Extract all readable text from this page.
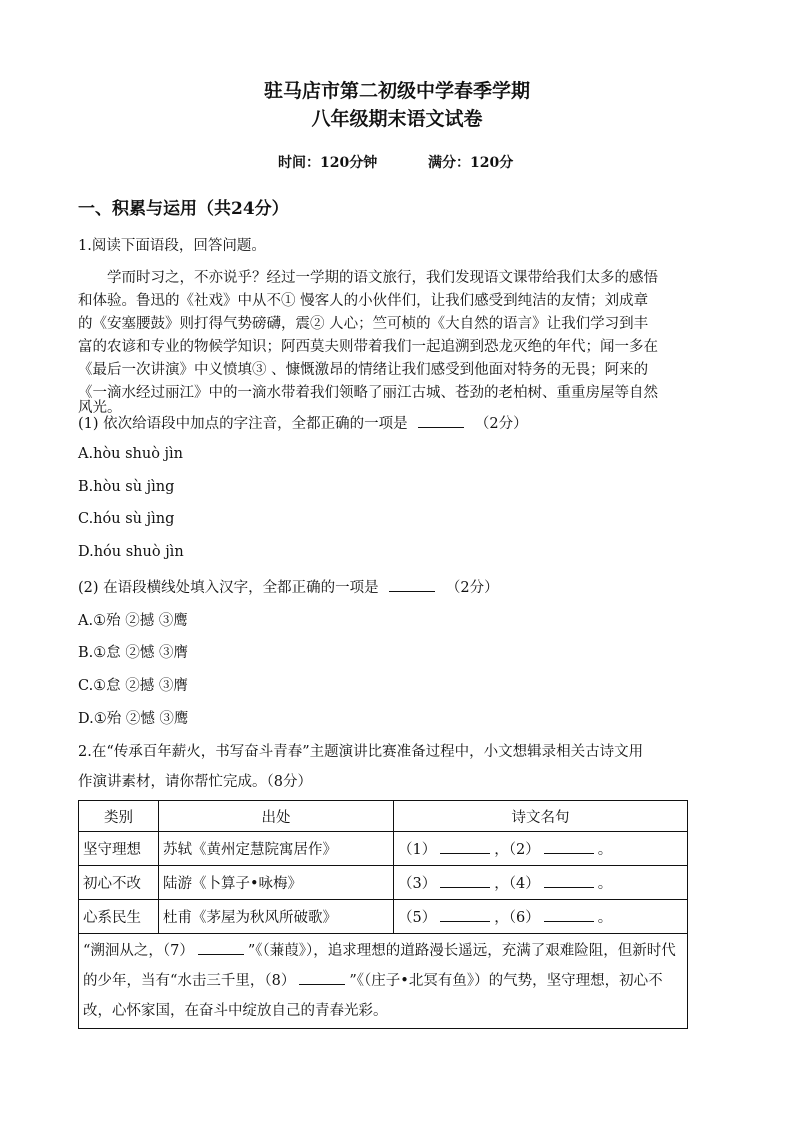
驻马店市第二初级中学春季学期
八年级期末语文试卷
时间：120分钟	满分：120分
一、积累与运用（共24分）
1.阅读下面语段，回答问题。
学而时习之，不亦说乎？经过一学期的语文旅行，我们发现语文课带给我们太多的感悟
和体验。鲁迅的《社戏》中从不① 慢客人的小伙伴们，让我们感受到纯洁的友情；刘成章
的《安塞腰鼓》则打得气势磅礴，震② 人心；竺可桢的《大自然的语言》让我们学习到丰
富的农谚和专业的物候学知识；阿西莫夫则带着我们一起追溯到恐龙灭绝的年代；闻一多在
《最后一次讲演》中义愤填③ 、慷慨激昂的情绪让我们感受到他面对特务的无畏；阿来的
《一滴水经过丽江》中的一滴水带着我们领略了丽江古城、苍劲的老柏树、重重房屋等自然
风光。
(1) 依次给语段中加点的字注音，全都正确的一项是	（2分）
A.hòu shuò jìn
B.hòu sù jìng
C.hóu sù jìng
D.hóu shuò jìn
(2) 在语段横线处填入汉字，全都正确的一项是	（2分）
A.①殆 ②撼 ③鹰
B.①怠 ②憾 ③膺
C.①怠 ②撼 ③膺
D.①殆 ②憾 ③鹰
2.在“传承百年薪火，书写奋斗青春”主题演讲比赛准备过程中，小文想辑录相关古诗文用
作演讲素材，请你帮忙完成。（8分）
类别	出处	诗文名句
坚守理想	苏轼《黄州定慧院寓居作》	（1） ，（2） 。
初心不改	陆游《卜算子•咏梅》	（3） ，（4） 。
心系民生	杜甫《茅屋为秋风所破歌》	（5） ，（6） 。
“溯洄从之，（7） ”《（蒹葭》），追求理想的道路漫长遥远，充满了艰难险阻，但新时代的少年，当有“水击三千里，（8） ”《（庄子•北冥有鱼》）的气势，坚守理想，初心不改，心怀家国，在奋斗中绽放自己的青春光彩。		
